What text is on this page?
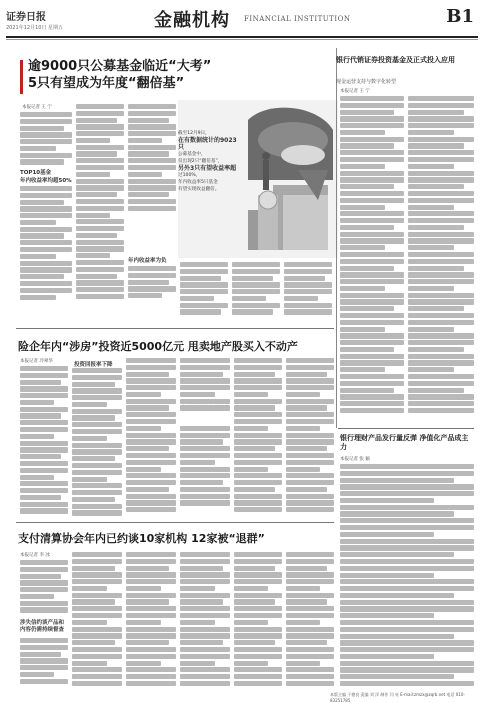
证券日报
2021年12月10日 星期五	金融机构 FINANCIAL INSTITUTION	B1
逾9000只公募基金临近“大考”
5只有望成为年度“翻倍基”
本报记者 王 宁
TOP10基金
年内收益率均超50%
年内收益率为负
截至12月9日，
在有数据统计的9023只
公募基金中，
仅出现2只“翻倍基”，
另外3只有望收益率超
过100%，
年内收益率5只基金
有望实现收益翻倍。
银行代销证券投资基金及正式投入应用
现金运营支持与数字化转型
本报记者 王 宁
险企年内“涉房”投资近5000亿元 甩卖地产股买入不动产
本报记者 冷翠华
投资回报率下降
银行理财产品发行量反弹 净值化产品成主力
本报记者 张 颖
支付清算协会年内已约谈10家机构 12家被“退群”
本报记者 李 冰
涉失信约谈产品和内容仍需持续督查
本版主编 于德良 责编 刘 洋 制作 闫 亮 E-mail:zmzx@zqrb.net 电话 010-83251785
